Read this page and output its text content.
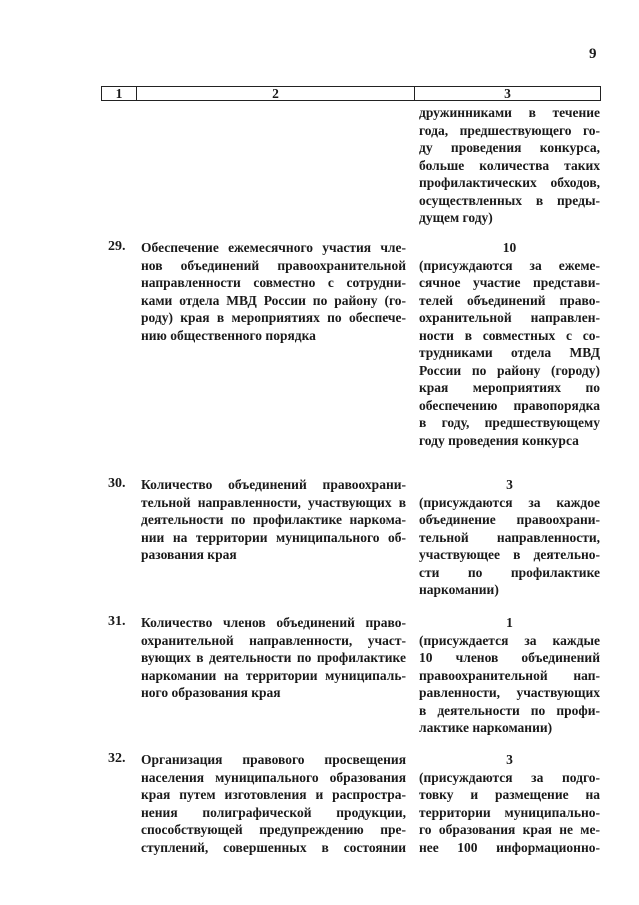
9
1	2	3
дружинниками в течение
года, предшествующего го-
ду проведения конкурса,
больше количества таких
профилактических обходов,
осуществленных в преды-
дущем году)
29. Обеспечение ежемесячного участия чле-
нов объединений правоохранительной
направленности совместно с сотрудни-
ками отдела МВД России по району (го-
роду) края в мероприятиях по обеспече-
нию общественного порядка
10
(присуждаются за ежеме-
сячное участие представи-
телей объединений право-
охранительной направлен-
ности в совместных с со-
трудниками отдела МВД
России по району (городу)
края мероприятиях по
обеспечению правопорядка
в году, предшествующему
году проведения конкурса
30. Количество объединений правоохрани-
тельной направленности, участвующих в
деятельности по профилактике наркома-
нии на территории муниципального об-
разования края
3
(присуждаются за каждое
объединение правоохрани-
тельной направленности,
участвующее в деятельно-
сти по профилактике
наркомании)
31. Количество членов объединений право-
охранительной направленности, участ-
вующих в деятельности по профилактике
наркомании на территории муниципаль-
ного образования края
1
(присуждается за каждые
10 членов объединений
правоохранительной нап-
равленности, участвующих
в деятельности по профи-
лактике наркомании)
32. Организация правового просвещения
населения муниципального образования
края путем изготовления и распростра-
нения полиграфической продукции,
способствующей предупреждению пре-
ступлений, совершенных в состоянии
3
(присуждаются за подго-
товку и размещение на
территории муниципально-
го образования края не ме-
нее 100 информационно-
